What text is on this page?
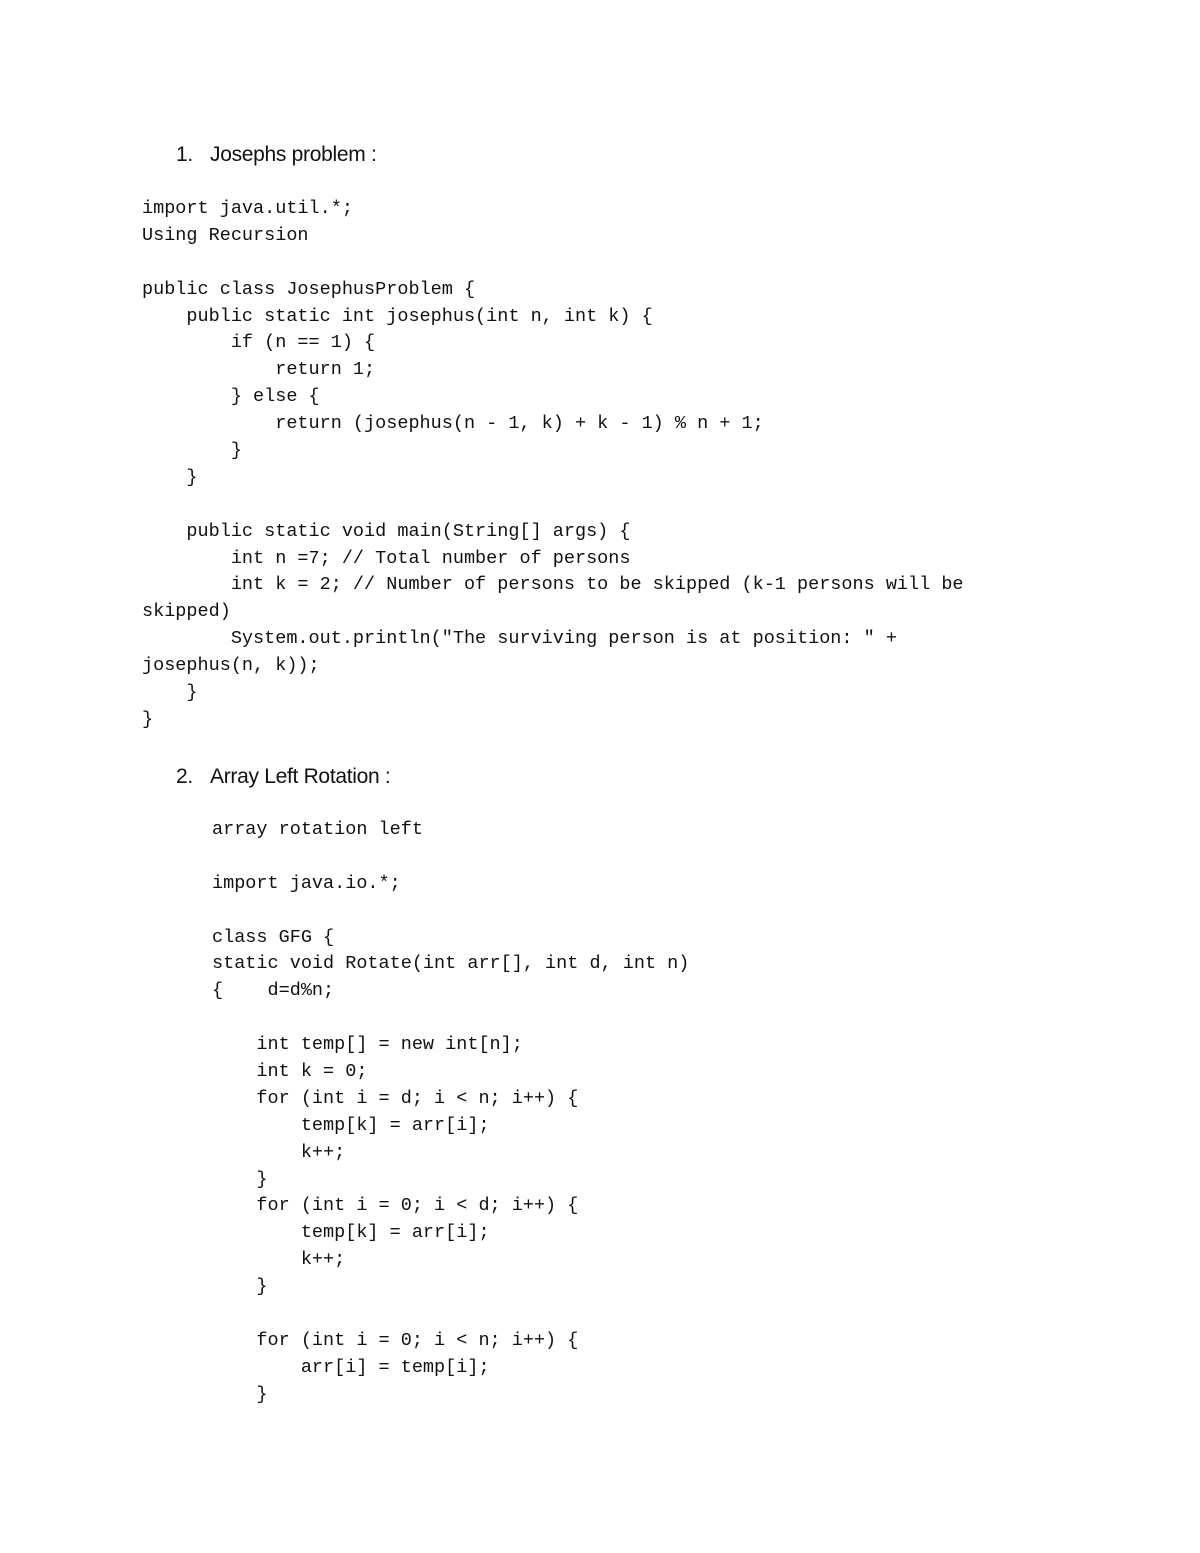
1. Josephs problem :
import java.util.*;
Using Recursion
public class JosephusProblem {
public static int josephus(int n, int k) {
if (n == 1) {
return 1;
} else {
return (josephus(n - 1, k) + k - 1) % n + 1;
}
}
public static void main(String[] args) {
int n =7; // Total number of persons
int k = 2; // Number of persons to be skipped (k-1 persons will be
skipped)
System.out.println("The surviving person is at position: " +
josephus(n, k));
}
}
2. Array Left Rotation :
array rotation left
import java.io.*;
class GFG {
static void Rotate(int arr[], int d, int n)
{    d=d%n;
int temp[] = new int[n];
int k = 0;
for (int i = d; i < n; i++) {
temp[k] = arr[i];
k++;
}
for (int i = 0; i < d; i++) {
temp[k] = arr[i];
k++;
}
for (int i = 0; i < n; i++) {
arr[i] = temp[i];
}
